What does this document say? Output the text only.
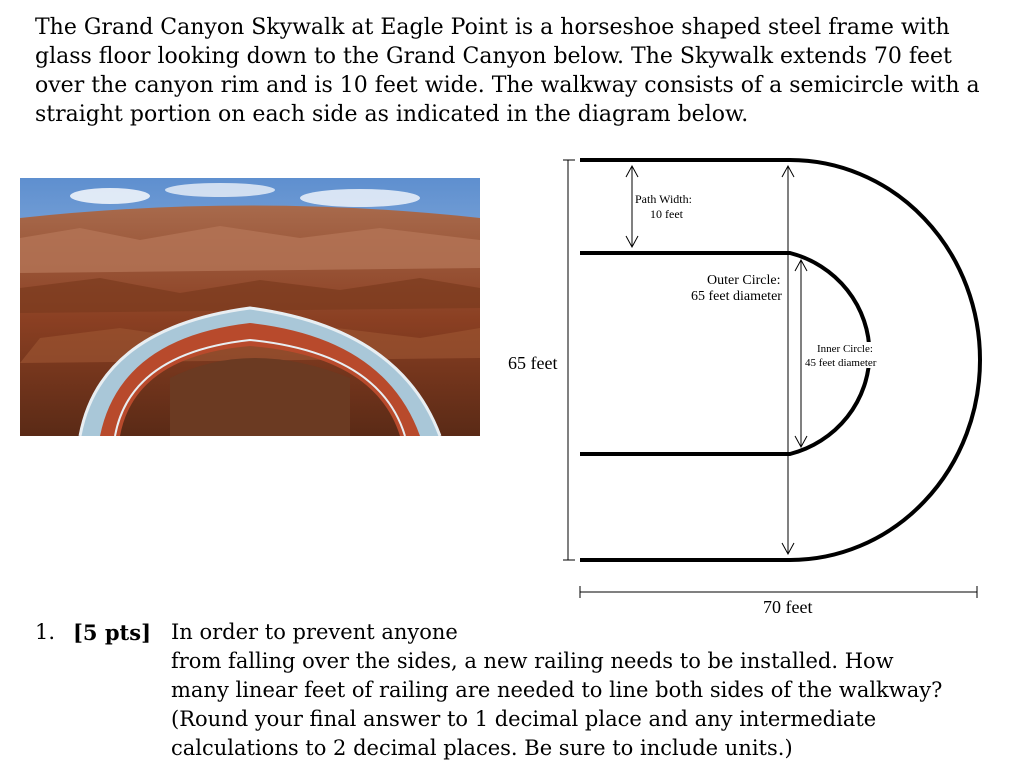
The Grand Canyon Skywalk at Eagle Point is a horseshoe shaped steel frame with glass floor looking down to the Grand Canyon below. The Skywalk extends 70 feet over the canyon rim and is 10 feet wide. The walkway consists of a semicircle with a straight portion on each side as indicated in the diagram below.

Path Width:
10 feet
Outer Circle:
65 feet diameter
Inner Circle:
45 feet diameter
65 feet
70 feet
1. [5 pts] In order to prevent anyone
from falling over the sides, a new railing needs to be installed. How
many linear feet of railing are needed to line both sides of the walkway?
(Round your final answer to 1 decimal place and any intermediate
calculations to 2 decimal places. Be sure to include units.)
